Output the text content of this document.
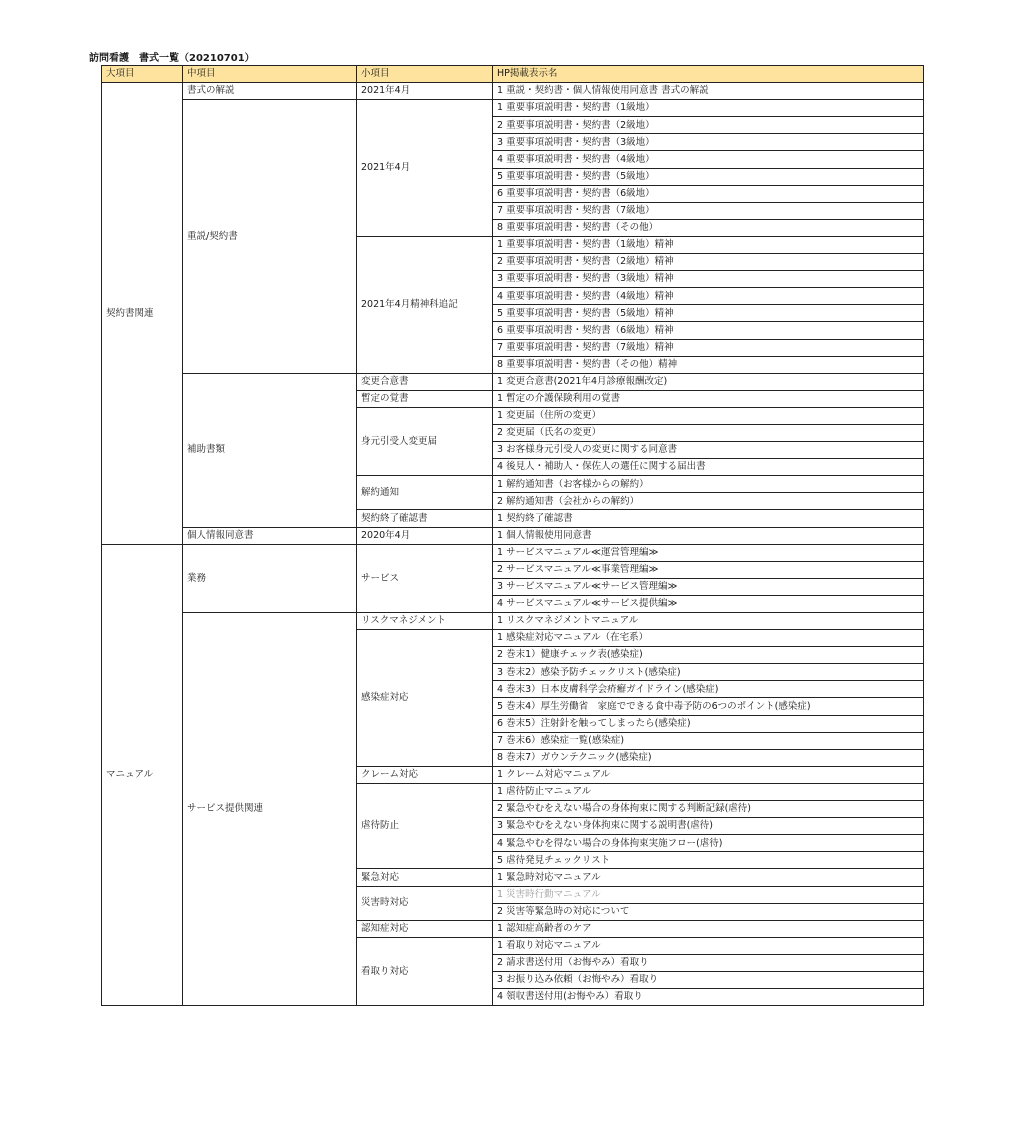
訪問看護　書式一覧（20210701）
大項目	中項目	小項目	HP掲載表示名
契約書関連	書式の解説	2021年4月	1 重説・契約書・個人情報使用同意書 書式の解説
	重説/契約書	2021年4月	1 重要事項説明書・契約書（1級地）
			2 重要事項説明書・契約書（2級地）
			3 重要事項説明書・契約書（3級地）
			4 重要事項説明書・契約書（4級地）
			5 重要事項説明書・契約書（5級地）
			6 重要事項説明書・契約書（6級地）
			7 重要事項説明書・契約書（7級地）
			8 重要事項説明書・契約書（その他）
		2021年4月精神科追記	1 重要事項説明書・契約書（1級地）精神
			2 重要事項説明書・契約書（2級地）精神
			3 重要事項説明書・契約書（3級地）精神
			4 重要事項説明書・契約書（4級地）精神
			5 重要事項説明書・契約書（5級地）精神
			6 重要事項説明書・契約書（6級地）精神
			7 重要事項説明書・契約書（7級地）精神
			8 重要事項説明書・契約書（その他）精神
	補助書類	変更合意書	1 変更合意書(2021年4月診療報酬改定)
		暫定の覚書	1 暫定の介護保険利用の覚書
		身元引受人変更届	1 変更届（住所の変更）
			2 変更届（氏名の変更）
			3 お客様身元引受人の変更に関する同意書
			4 後見人・補助人・保佐人の選任に関する届出書
		解約通知	1 解約通知書（お客様からの解約）
			2 解約通知書（会社からの解約）
		契約終了確認書	1 契約終了確認書
	個人情報同意書	2020年4月	1 個人情報使用同意書
マニュアル	業務	サービス	1 サービスマニュアル≪運営管理編≫
			2 サービスマニュアル≪事業管理編≫
			3 サービスマニュアル≪サービス管理編≫
			4 サービスマニュアル≪サービス提供編≫
	サービス提供関連	リスクマネジメント	1 リスクマネジメントマニュアル
		感染症対応	1 感染症対応マニュアル（在宅系）
			2 巻末1）健康チェック表(感染症)
			3 巻末2）感染予防チェックリスト(感染症)
			4 巻末3）日本皮膚科学会疥癬ガイドライン(感染症)
			5 巻末4）厚生労働省　家庭でできる食中毒予防の6つのポイント(感染症)
			6 巻末5）注射針を触ってしまったら(感染症)
			7 巻末6）感染症一覧(感染症)
			8 巻末7）ガウンテクニック(感染症)
		クレーム対応	1 クレーム対応マニュアル
		虐待防止	1 虐待防止マニュアル
			2 緊急やむをえない場合の身体拘束に関する判断記録(虐待)
			3 緊急やむをえない身体拘束に関する説明書(虐待)
			4 緊急やむを得ない場合の身体拘束実施フロー(虐待)
			5 虐待発見チェックリスト
		緊急対応	1 緊急時対応マニュアル
		災害時対応	1 災害時行動マニュアル
			2 災害等緊急時の対応について
		認知症対応	1 認知症高齢者のケア
		看取り対応	1 看取り対応マニュアル
			2 請求書送付用（お悔やみ）看取り
			3 お振り込み依頼（お悔やみ）看取り
			4 領収書送付用(お悔やみ）看取り
